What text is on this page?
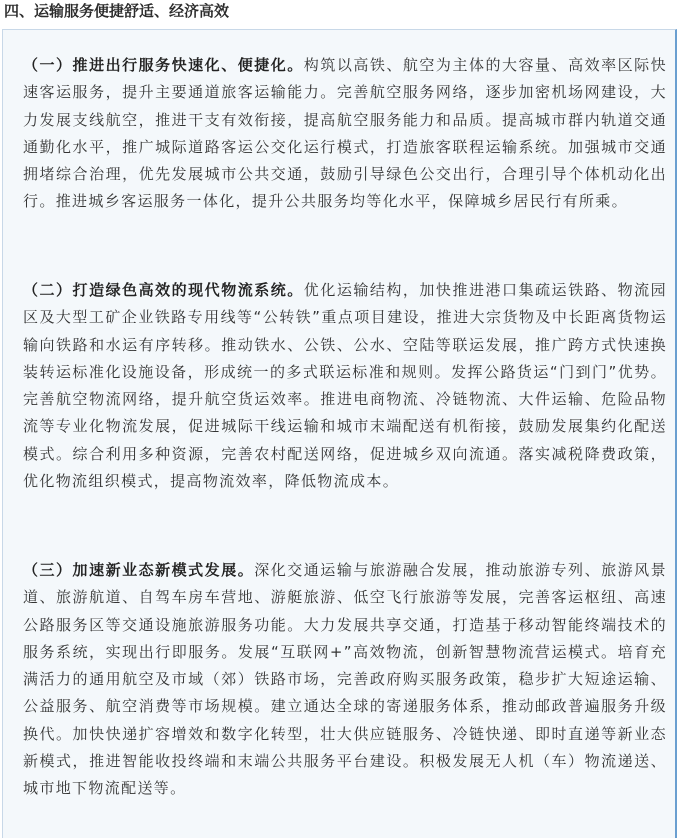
四、运输服务便捷舒适、经济高效
（一）推进出行服务快速化、便捷化。构筑以高铁、航空为主体的大容量、高效率区际快速客运服务，提升主要通道旅客运输能力。完善航空服务网络，逐步加密机场网建设，大力发展支线航空，推进干支有效衔接，提高航空服务能力和品质。提高城市群内轨道交通通勤化水平，推广城际道路客运公交化运行模式，打造旅客联程运输系统。加强城市交通拥堵综合治理，优先发展城市公共交通，鼓励引导绿色公交出行，合理引导个体机动化出行。推进城乡客运服务一体化，提升公共服务均等化水平，保障城乡居民行有所乘。
（二）打造绿色高效的现代物流系统。优化运输结构，加快推进港口集疏运铁路、物流园区及大型工矿企业铁路专用线等“公转铁”重点项目建设，推进大宗货物及中长距离货物运输向铁路和水运有序转移。推动铁水、公铁、公水、空陆等联运发展，推广跨方式快速换装转运标准化设施设备，形成统一的多式联运标准和规则。发挥公路货运“门到门”优势。完善航空物流网络，提升航空货运效率。推进电商物流、冷链物流、大件运输、危险品物流等专业化物流发展，促进城际干线运输和城市末端配送有机衔接，鼓励发展集约化配送模式。综合利用多种资源，完善农村配送网络，促进城乡双向流通。落实减税降费政策，优化物流组织模式，提高物流效率，降低物流成本。
（三）加速新业态新模式发展。深化交通运输与旅游融合发展，推动旅游专列、旅游风景道、旅游航道、自驾车房车营地、游艇旅游、低空飞行旅游等发展，完善客运枢纽、高速公路服务区等交通设施旅游服务功能。大力发展共享交通，打造基于移动智能终端技术的服务系统，实现出行即服务。发展“互联网+”高效物流，创新智慧物流营运模式。培育充满活力的通用航空及市域（郊）铁路市场，完善政府购买服务政策，稳步扩大短途运输、公益服务、航空消费等市场规模。建立通达全球的寄递服务体系，推动邮政普遍服务升级换代。加快快递扩容增效和数字化转型，壮大供应链服务、冷链快递、即时直递等新业态新模式，推进智能收投终端和末端公共服务平台建设。积极发展无人机（车）物流递送、城市地下物流配送等。
